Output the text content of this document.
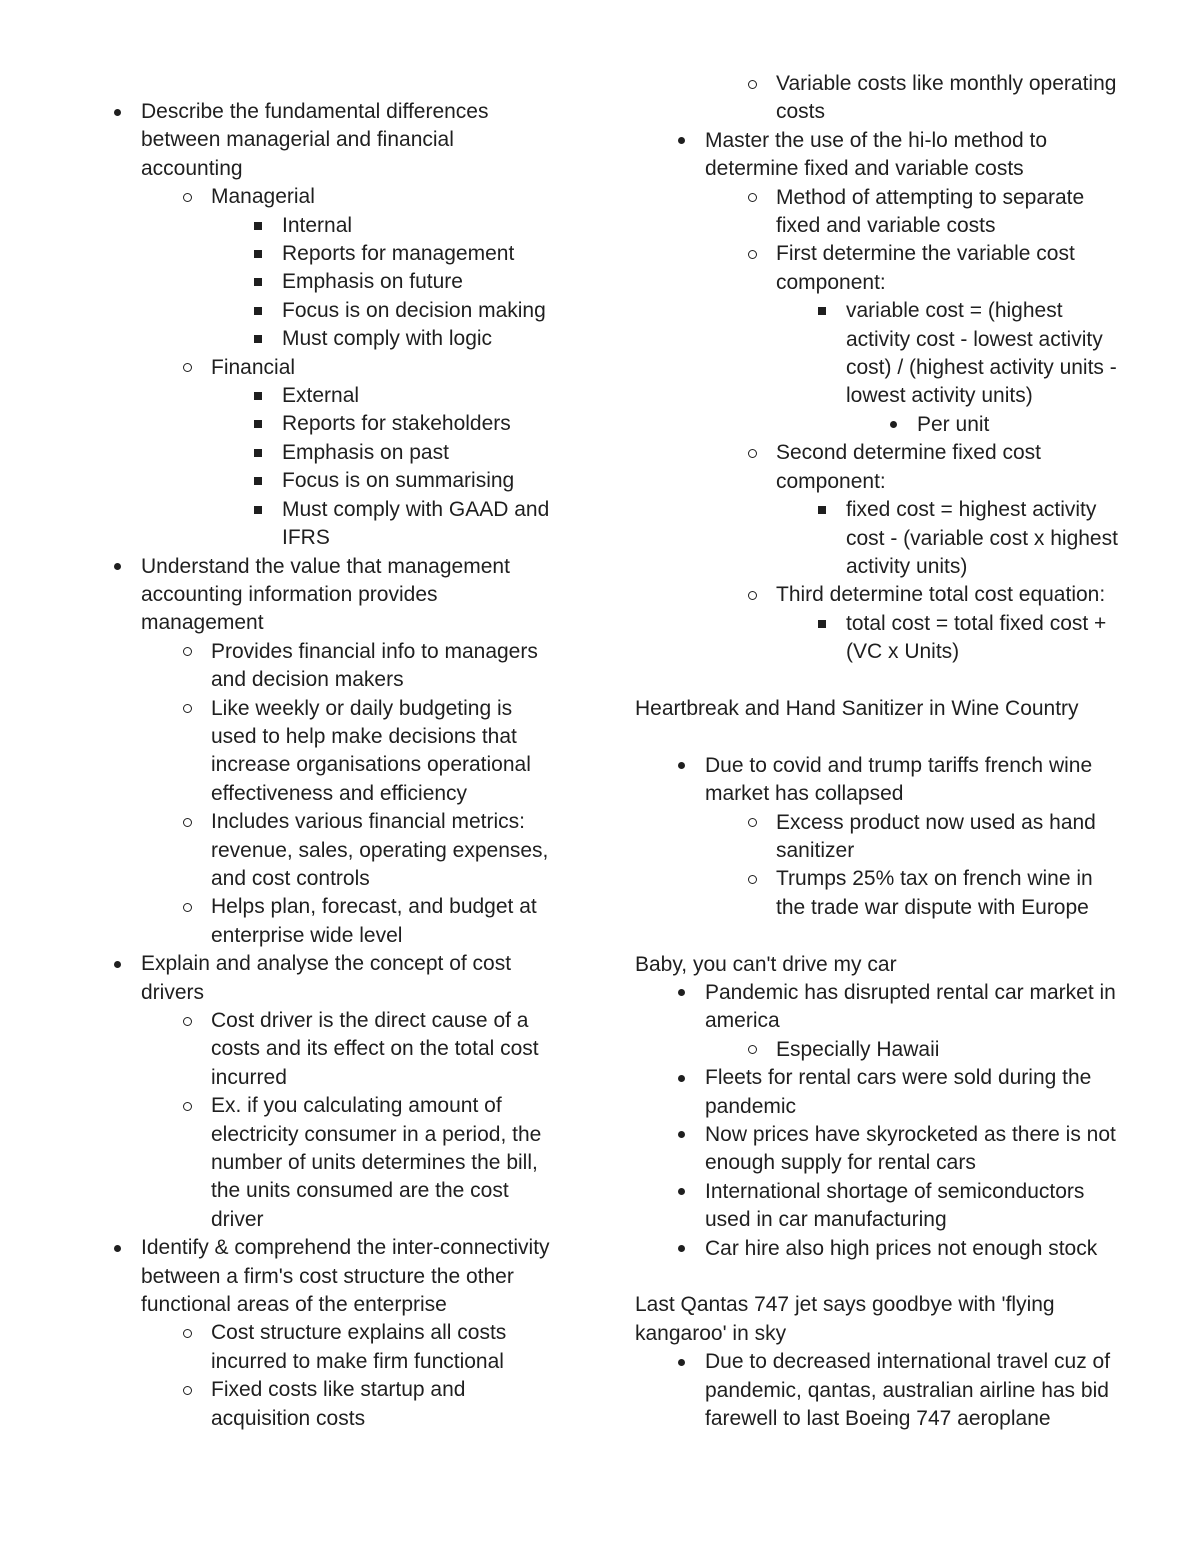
Describe the fundamental differences
between managerial and financial
accounting
Managerial
Internal
Reports for management
Emphasis on future
Focus is on decision making
Must comply with logic
Financial
External
Reports for stakeholders
Emphasis on past
Focus is on summarising
Must comply with GAAD and
IFRS
Understand the value that management
accounting information provides
management
Provides financial info to managers
and decision makers
Like weekly or daily budgeting is
used to help make decisions that
increase organisations operational
effectiveness and efficiency
Includes various financial metrics:
revenue, sales, operating expenses,
and cost controls
Helps plan, forecast, and budget at
enterprise wide level
Explain and analyse the concept of cost
drivers
Cost driver is the direct cause of a
costs and its effect on the total cost
incurred
Ex. if you calculating amount of
electricity consumer in a period, the
number of units determines the bill,
the units consumed are the cost
driver
Identify & comprehend the inter-connectivity
between a firm's cost structure the other
functional areas of the enterprise
Cost structure explains all costs
incurred to make firm functional
Fixed costs like startup and
acquisition costs
Variable costs like monthly operating
costs
Master the use of the hi-lo method to
determine fixed and variable costs
Method of attempting to separate
fixed and variable costs
First determine the variable cost
component:
variable cost = (highest
activity cost - lowest activity
cost) / (highest activity units -
lowest activity units)
Per unit
Second determine fixed cost
component:
fixed cost = highest activity
cost - (variable cost x highest
activity units)
Third determine total cost equation:
total cost = total fixed cost +
(VC x Units)
Heartbreak and Hand Sanitizer in Wine Country
Due to covid and trump tariffs french wine
market has collapsed
Excess product now used as hand
sanitizer
Trumps 25% tax on french wine in
the trade war dispute with Europe
Baby, you can't drive my car
Pandemic has disrupted rental car market in
america
Especially Hawaii
Fleets for rental cars were sold during the
pandemic
Now prices have skyrocketed as there is not
enough supply for rental cars
International shortage of semiconductors
used in car manufacturing
Car hire also high prices not enough stock
Last Qantas 747 jet says goodbye with 'flying
kangaroo' in sky
Due to decreased international travel cuz of
pandemic, qantas, australian airline has bid
farewell to last Boeing 747 aeroplane
